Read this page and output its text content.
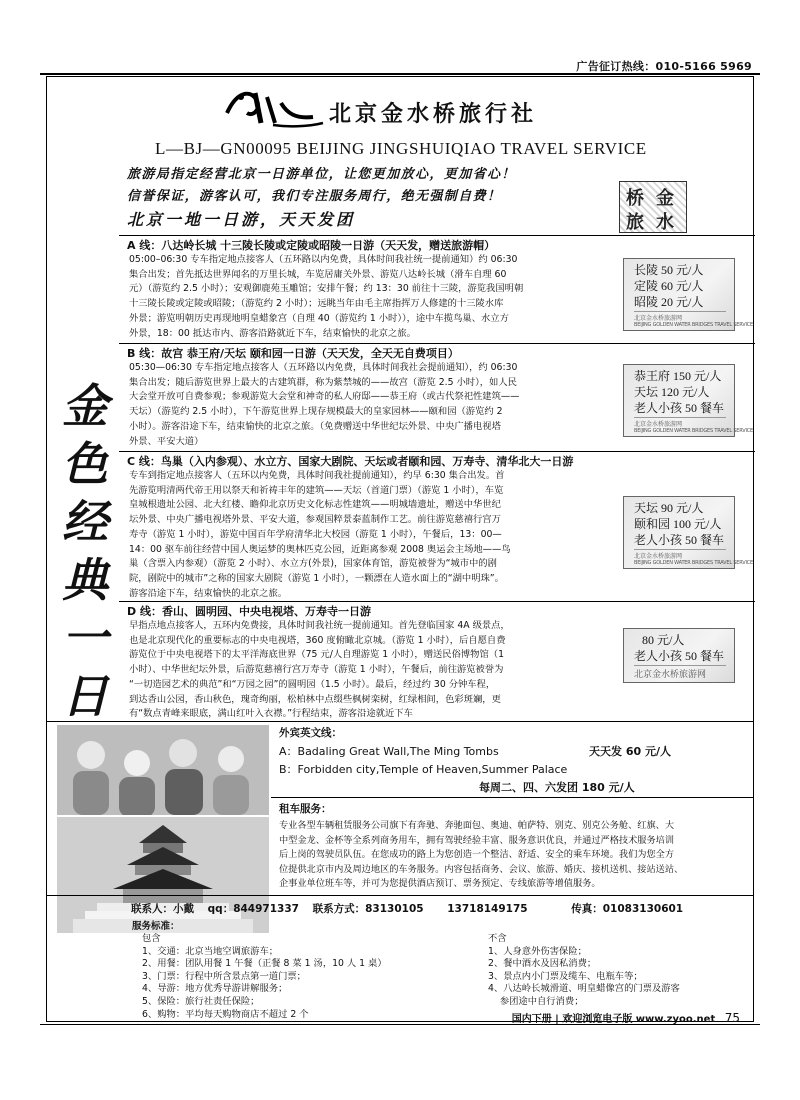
广告征订热线：010-5166 5969
北京金水桥旅行社
L—BJ—GN00095 BEIJING JINGSHUIQIAO TRAVEL SERVICE
旅游局指定经营北京一日游单位，让您更加放心，更加省心！
信誉保证，游客认可，我们专注服务周行，绝无强制自费！
北京一地一日游，天天发团
金
水
桥
旅
金
色
经
典
一
日
A 线：八达岭长城 十三陵长陵或定陵或昭陵一日游（天天发，赠送旅游帽）
05:00–06:30 专车指定地点接客人（五环路以内免费，具体时间我社统一提前通知）约 06:30
集合出发；首先抵达世界闻名的万里长城，车览居庸关外景、游览八达岭长城（滑车自理 60
元）（游览约 2.5 小时）；安观御鹿苑玉雕馆；安排午餐；约 13：30 前往十三陵，游览我国明朝
十三陵长陵或定陵或昭陵；（游览约 2 小时）；远眺当年由毛主席指挥万人修建的十三陵水库
外景；游览明朝历史再现地明皇蜡象宫（自理 40（游览约 1 小时）），途中车揽鸟巢、水立方
外景，18：00 抵达市内、游客沿路就近下车，结束愉快的北京之旅。
长陵 50 元/人
定陵 60 元/人
昭陵 20 元/人
北京金水桥旅游网
BEIJING GOLDEN WATER BRIDGES TRAVEL SERVICE
B 线：故宫 恭王府/天坛 颐和园一日游（天天发，全天无自费项目）
05:30—06:30 专车指定地点接客人（五环路以内免费，具体时间我社会提前通知），约 06:30
集合出发；随后游览世界上最大的古建筑群，称为紫禁城的——故宫（游览 2.5 小时），如人民
大会堂开放可自费参观；参观游览大会堂和神奇的私人府邸——恭王府（或古代祭祀性建筑——
天坛）（游览约 2.5 小时），下午游览世界上现存规模最大的皇家园林——颐和园（游览约 2
小时）。游客沿途下车，结束愉快的北京之旅。（免费赠送中华世纪坛外景、中央广播电视塔
外景、平安大道）
恭王府 150 元/人
天坛 120 元/人
老人小孩 50 餐车
北京金水桥旅游网
BEIJING GOLDEN WATER BRIDGES TRAVEL SERVICE
C 线：鸟巢（入内参观）、水立方、国家大剧院、天坛或者颐和园、万寿寺、清华北大一日游
专车到指定地点接客人（五环以内免费，具体时间我社提前通知），约早 6:30 集合出发。首
先游览明清两代帝王用以祭天和祈祷丰年的建筑——天坛（首道门票）（游览 1 小时），车览
皇城根遗址公园、北大红楼、瞻仰北京历史文化标志性建筑——明城墙遗址，赠送中华世纪
坛外景、中央广播电视塔外景、平安大道，参观国粹景泰蓝制作工艺。前往游览慈禧行宫万
寿寺（游览 1 小时），游览中国百年学府清华北大校园（游览 1 小时），午餐后，13：00—
14：00 驱车前往经营中国人奥运梦的奥林匹克公园，近距离参观 2008 奥运会主场地——鸟
巢（含票入内参观）（游览 2 小时）、水立方(外景)，国家体育馆，游览被誉为“城市中的剧
院，剧院中的城市”之称的国家大剧院（游览 1 小时），一颗漂在人造水面上的“湖中明珠”。
游客沿途下车，结束愉快的北京之旅。
天坛 90 元/人
颐和园 100 元/人
老人小孩 50 餐车
北京金水桥旅游网
BEIJING GOLDEN WATER BRIDGES TRAVEL SERVICE
D 线：香山、圆明园、中央电视塔、万寿寺一日游
早指点地点接客人，五环内免费接，具体时间我社统一提前通知。首先登临国家 4A 级景点，
也是北京现代化的重要标志的中央电视塔，360 度俯瞰北京城。（游览 1 小时），后自愿自费
游览位于中央电视塔下的太平洋海底世界（75 元/人自理游览 1 小时），赠送民俗博物馆（1
小时）、中华世纪坛外景，后游览慈禧行宫万寿寺（游览 1 小时），午餐后，前往游览被誉为
“一切造园艺术的典范”和“万园之园”的圆明园（1.5 小时）。最后，经过约 30 分钟车程，
到达香山公园，香山秋色，瑰奇绚丽，松柏林中点缀些枫树栾树，红绿相间，色彩斑斓，更
有“数点青峰来眼底，满山红叶入衣襟。”行程结束，游客沿途就近下车
80 元/人
老人小孩 50 餐车
北京金水桥旅游网
外宾英文线：
A：Badaling Great Wall,The Ming Tombs	天天发 60 元/人
B：Forbidden city,Temple of Heaven,Summer Palace
每周二、四、六发团 180 元/人
租车服务：
专业各型车辆租赁服务公司旗下有奔驰、奔驰面包、奥迪、帕萨特、别克、别克公务舱、红旗、大
中型金龙、金杯等全系列商务用车，拥有驾驶经验丰富、服务意识优良，并通过严格技术服务培训
后上岗的驾驶员队伍。在您成功的路上为您创造一个整洁、舒适、安全的乘车环境。我们为您全方
位提供北京市内及周边地区的车务服务。内容包括商务、会议、旅游、婚庆、接机送机、接站送站、
企事业单位班车等，并可为您提供酒店预订、票务预定、专线旅游等增值服务。
联系人：小戴 qq：844971337 联系方式：83130105 13718149175	传真：01083130601
服务标准：
包含
1、交通：北京当地空调旅游车；
2、用餐：团队用餐 1 午餐（正餐 8 菜 1 汤，10 人 1 桌）
3、门票：行程中所含景点第一道门票；
4、导游：地方优秀导游讲解服务；
5、保险：旅行社责任保险；
6、购物：平均每天购物商店不超过 2 个
不含
1、人身意外伤害保险；
2、餐中酒水及因私消费；
3、景点内小门票及缆车、电瓶车等；
4、八达岭长城滑道、明皇蜡像宫的门票及游客
参团途中自行消费；
国内下册 | 欢迎浏览电子版 www.zyoo.net 75
